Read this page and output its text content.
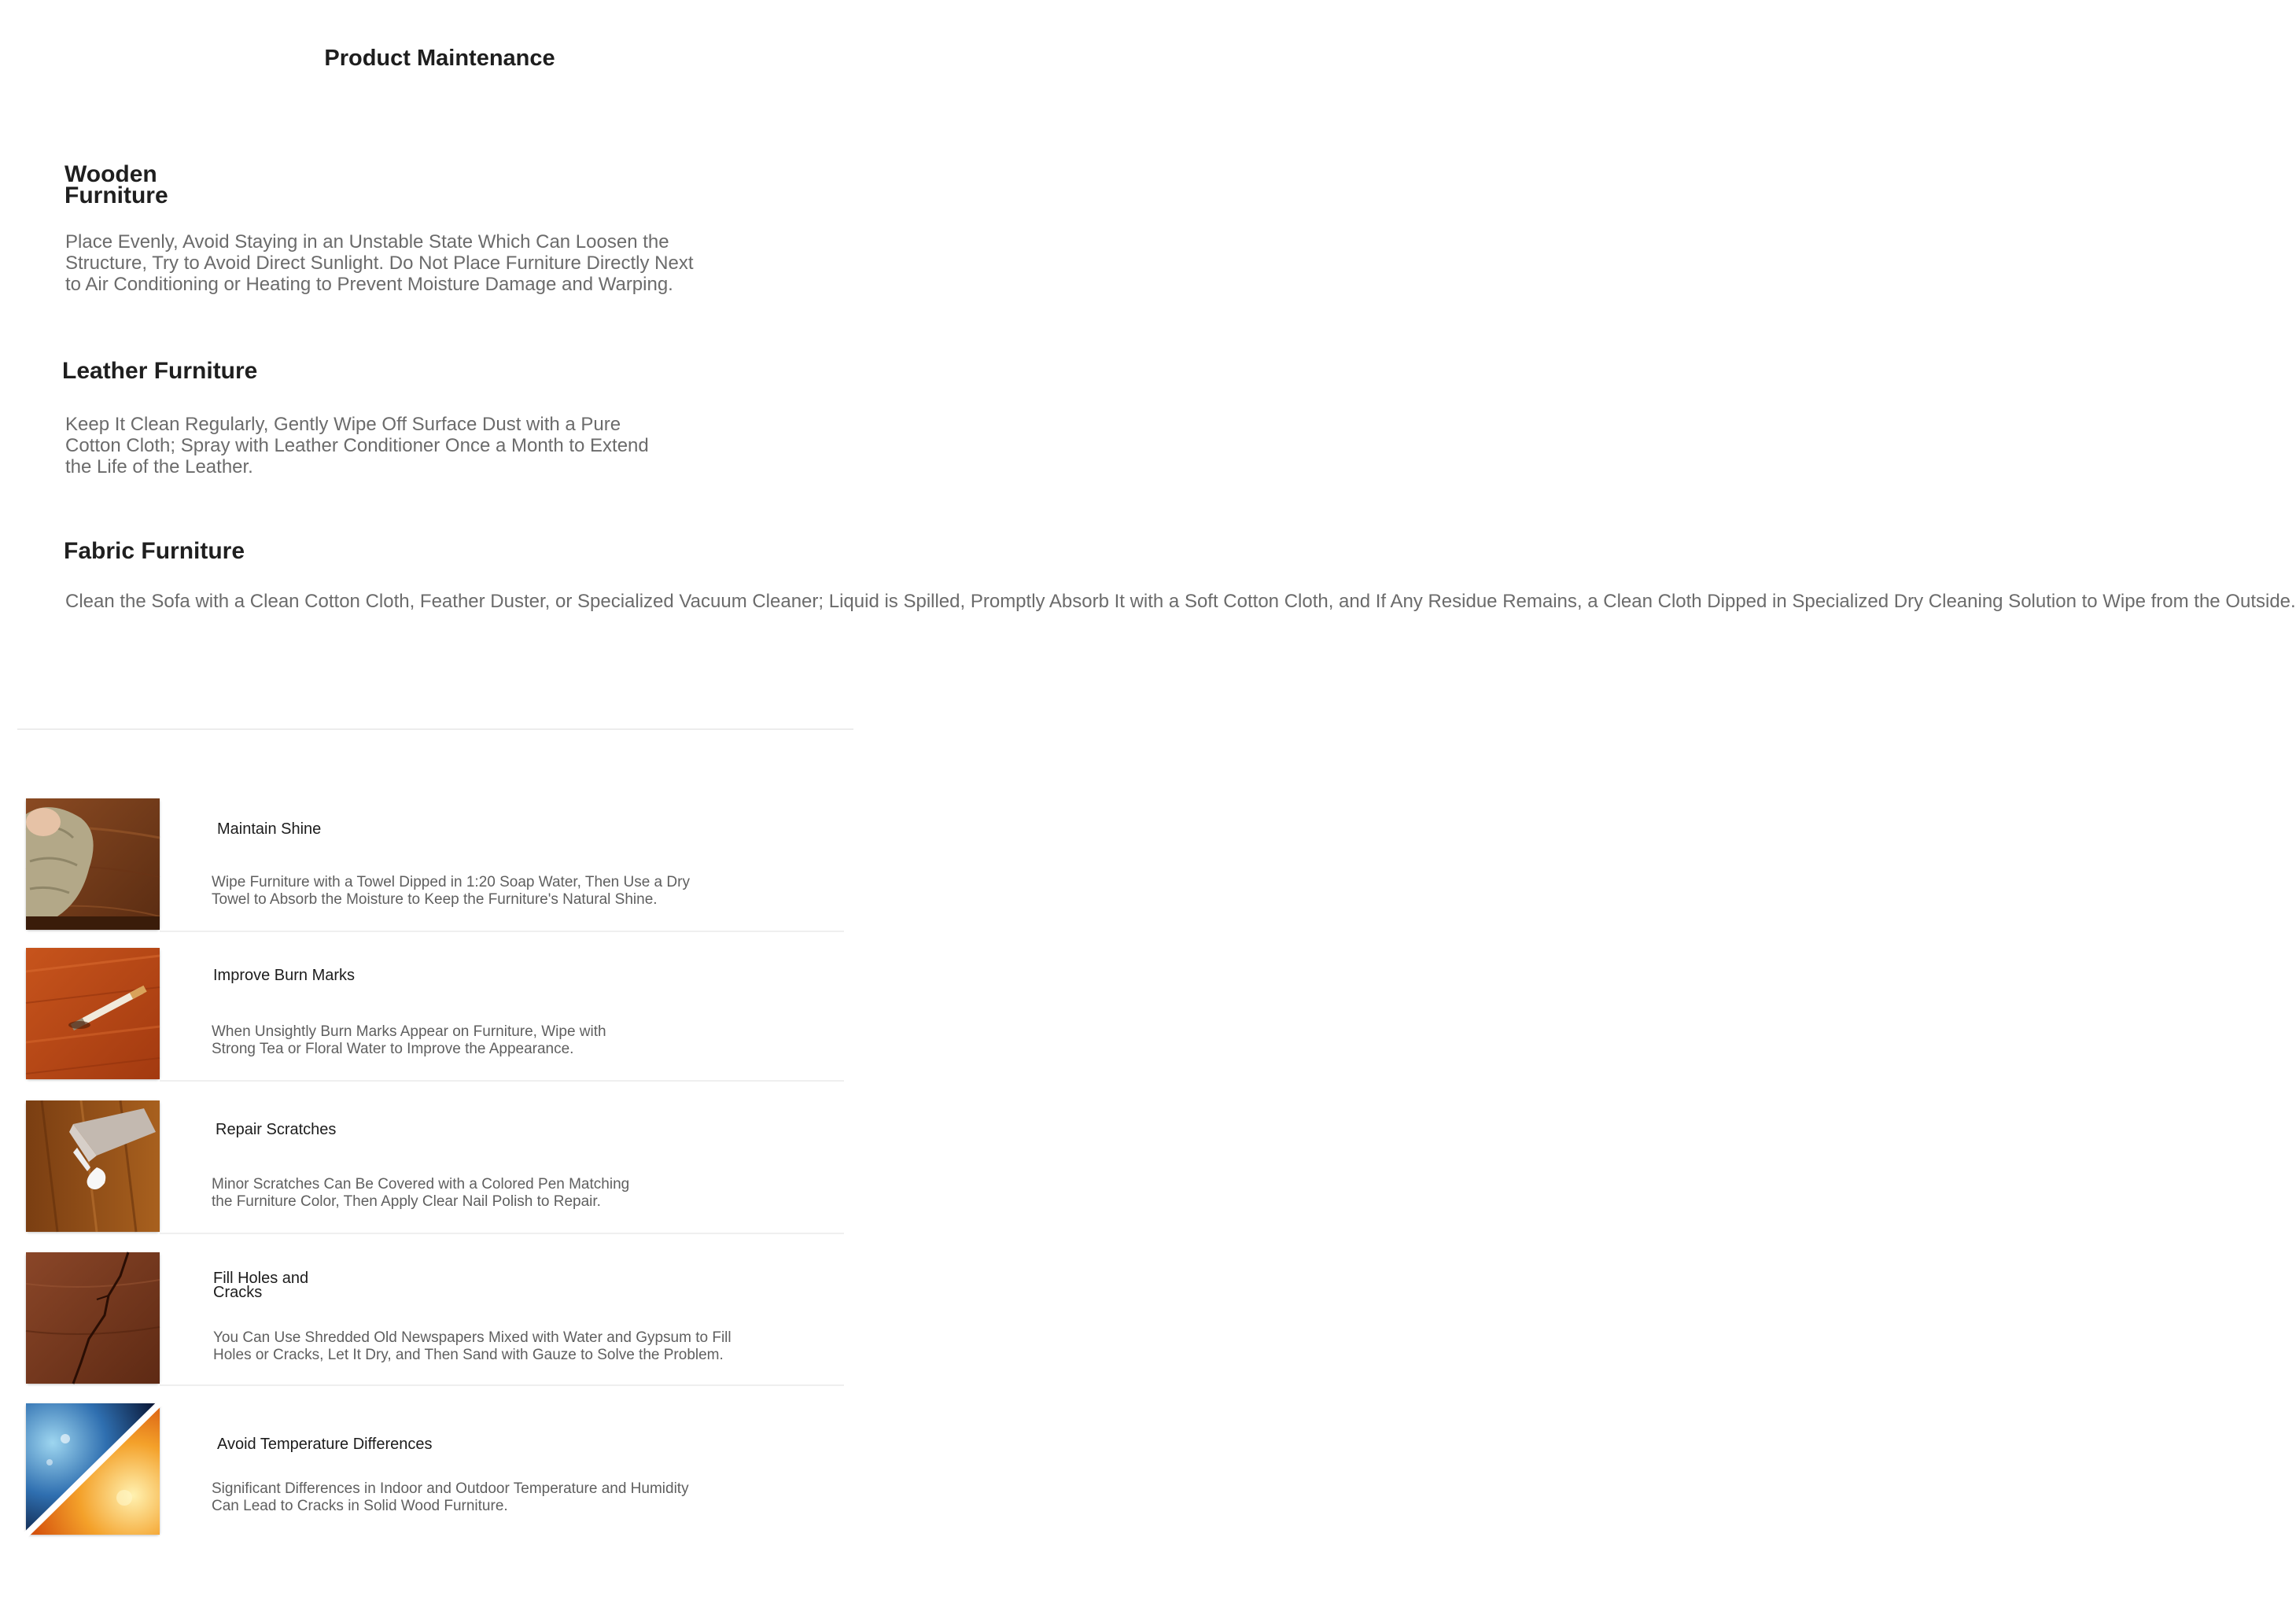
Product Maintenance
Wooden
Furniture
Place Evenly, Avoid Staying in an Unstable State Which Can Loosen the
Structure, Try to Avoid Direct Sunlight. Do Not Place Furniture Directly Next
to Air Conditioning or Heating to Prevent Moisture Damage and Warping.
Leather Furniture
Keep It Clean Regularly, Gently Wipe Off Surface Dust with a Pure
Cotton Cloth; Spray with Leather Conditioner Once a Month to Extend
the Life of the Leather.
Fabric Furniture
Clean the Sofa with a Clean Cotton Cloth, Feather Duster, or Specialized Vacuum Cleaner; Liquid is Spilled, Promptly Absorb It with a Soft Cotton Cloth, and If Any Residue Remains, a Clean Cloth Dipped in Specialized Dry Cleaning Solution to Wipe from the Outside.
Maintain Shine
Wipe Furniture with a Towel Dipped in 1:20 Soap Water, Then Use a Dry
Towel to Absorb the Moisture to Keep the Furniture's Natural Shine.
Improve Burn Marks
When Unsightly Burn Marks Appear on Furniture, Wipe with
Strong Tea or Floral Water to Improve the Appearance.
Repair Scratches
Minor Scratches Can Be Covered with a Colored Pen Matching
the Furniture Color, Then Apply Clear Nail Polish to Repair.
Fill Holes and
Cracks
You Can Use Shredded Old Newspapers Mixed with Water and Gypsum to Fill
Holes or Cracks, Let It Dry, and Then Sand with Gauze to Solve the Problem.
Avoid Temperature Differences
Significant Differences in Indoor and Outdoor Temperature and Humidity
Can Lead to Cracks in Solid Wood Furniture.
